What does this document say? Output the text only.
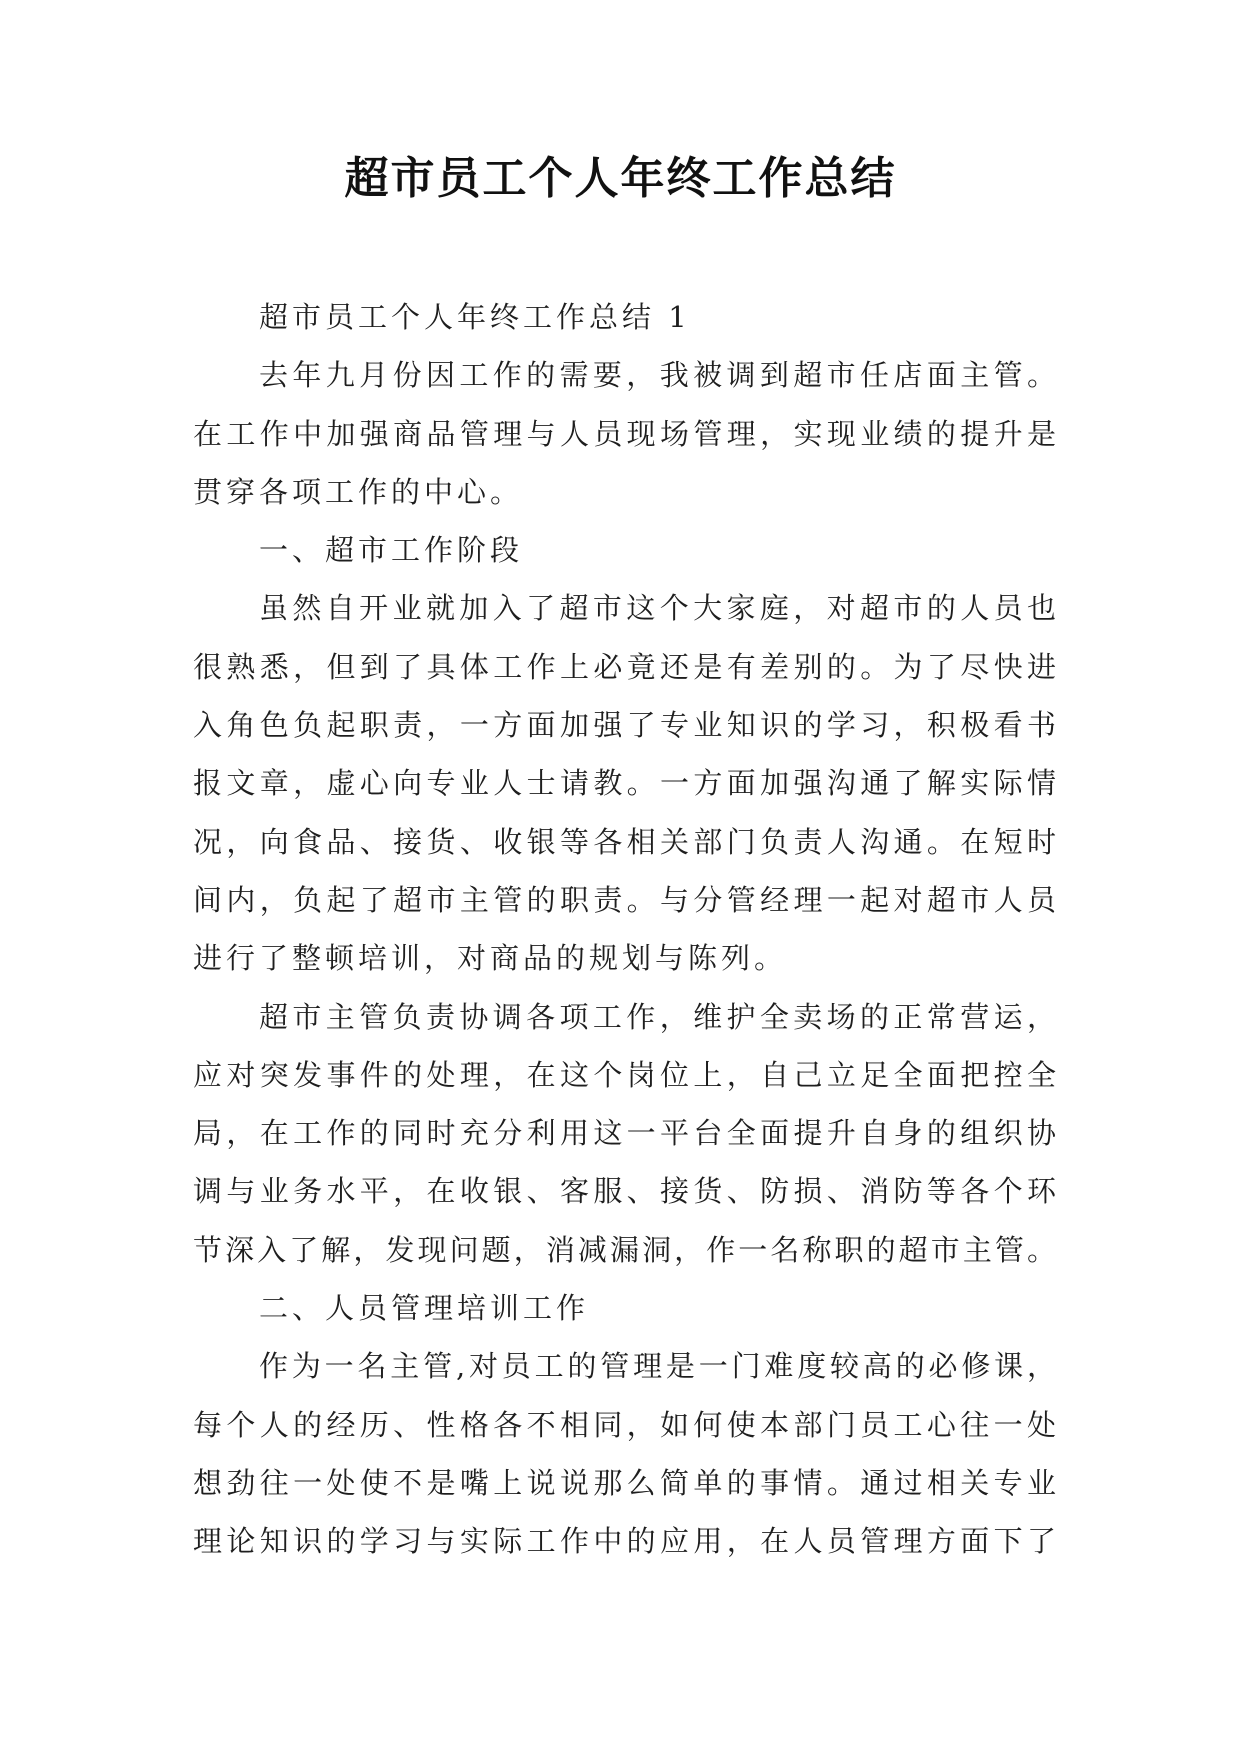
超市员工个人年终工作总结
超市员工个人年终工作总结 1
去年九月份因工作的需要，我被调到超市任店面主管。
在工作中加强商品管理与人员现场管理，实现业绩的提升是
贯穿各项工作的中心。
一、超市工作阶段
虽然自开业就加入了超市这个大家庭，对超市的人员也
很熟悉，但到了具体工作上必竟还是有差别的。为了尽快进
入角色负起职责，一方面加强了专业知识的学习，积极看书
报文章，虚心向专业人士请教。一方面加强沟通了解实际情
况，向食品、接货、收银等各相关部门负责人沟通。在短时
间内，负起了超市主管的职责。与分管经理一起对超市人员
进行了整顿培训，对商品的规划与陈列。
超市主管负责协调各项工作，维护全卖场的正常营运，
应对突发事件的处理，在这个岗位上，自己立足全面把控全
局，在工作的同时充分利用这一平台全面提升自身的组织协
调与业务水平，在收银、客服、接货、防损、消防等各个环
节深入了解，发现问题，消减漏洞，作一名称职的超市主管。
二、人员管理培训工作
作为一名主管,对员工的管理是一门难度较高的必修课，
每个人的经历、性格各不相同，如何使本部门员工心往一处
想劲往一处使不是嘴上说说那么简单的事情。通过相关专业
理论知识的学习与实际工作中的应用，在人员管理方面下了
